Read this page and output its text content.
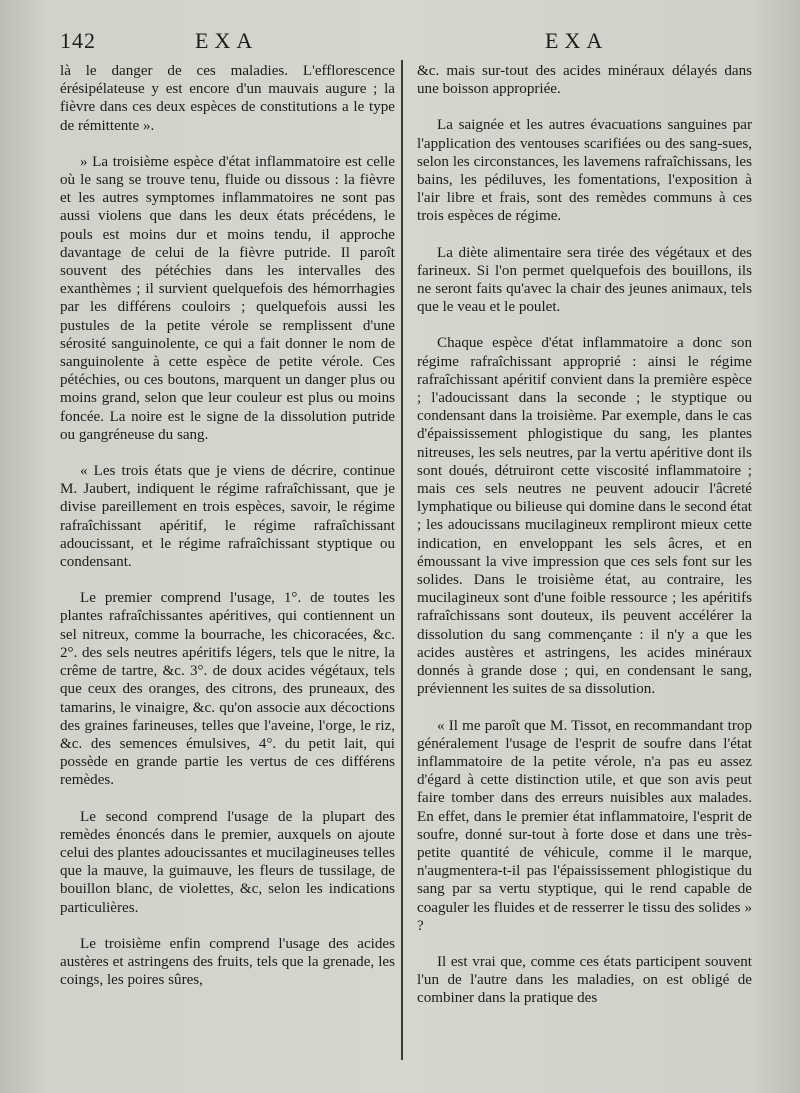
142	EXA	EXA

là le danger de ces maladies. L'efflorescence érésipélateuse y est encore d'un mauvais augure ; la fièvre dans ces deux espèces de constitutions a le type de rémittente ».

» La troisième espèce d'état inflammatoire est celle où le sang se trouve tenu, fluide ou dissous : la fièvre et les autres symptomes inflammatoires ne sont pas aussi violens que dans les deux états précédens, le pouls est moins dur et moins tendu, il approche davantage de celui de la fièvre putride. Il paroît souvent des pétéchies dans les intervalles des exanthèmes ; il survient quelquefois des hémorrhagies par les différens couloirs ; quelquefois aussi les pustules de la petite vérole se remplissent d'une sérosité sanguinolente, ce qui a fait donner le nom de sanguinolente à cette espèce de petite vérole. Ces pétéchies, ou ces boutons, marquent un danger plus ou moins grand, selon que leur couleur est plus ou moins foncée. La noire est le signe de la dissolution putride ou gangréneuse du sang.

« Les trois états que je viens de décrire, continue M. Jaubert, indiquent le régime rafraîchissant, que je divise pareillement en trois espèces, savoir, le régime rafraîchissant apéritif, le régime rafraîchissant adoucissant, et le régime rafraîchissant styptique ou condensant.

Le premier comprend l'usage, 1°. de toutes les plantes rafraîchissantes apéritives, qui contiennent un sel nitreux, comme la bourrache, les chicoracées, &c. 2°. des sels neutres apéritifs légers, tels que le nitre, la crême de tartre, &c. 3°. de doux acides végétaux, tels que ceux des oranges, des citrons, des pruneaux, des tamarins, le vinaigre, &c. qu'on associe aux décoctions des graines farineuses, telles que l'aveine, l'orge, le riz, &c. des semences émulsives, 4°. du petit lait, qui possède en grande partie les vertus de ces différens remèdes.

Le second comprend l'usage de la plupart des remèdes énoncés dans le premier, auxquels on ajoute celui des plantes adoucissantes et mucilagineuses telles que la mauve, la guimauve, les fleurs de tussilage, de bouillon blanc, de violettes, &c, selon les indications particulières.

Le troisième enfin comprend l'usage des acides austères et astringens des fruits, tels que la grenade, les coings, les poires sûres,

&c. mais sur-tout des acides minéraux délayés dans une boisson appropriée.

La saignée et les autres évacuations sanguines par l'application des ventouses scarifiées ou des sang-sues, selon les circonstances, les lavemens rafraîchissans, les bains, les pédiluves, les fomentations, l'exposition à l'air libre et frais, sont des remèdes communs à ces trois espèces de régime.

La diète alimentaire sera tirée des végétaux et des farineux. Si l'on permet quelquefois des bouillons, ils ne seront faits qu'avec la chair des jeunes animaux, tels que le veau et le poulet.

Chaque espèce d'état inflammatoire a donc son régime rafraîchissant approprié : ainsi le régime rafraîchissant apéritif convient dans la première espèce ; l'adoucissant dans la seconde ; le styptique ou condensant dans la troisième. Par exemple, dans le cas d'épaississement phlogistique du sang, les plantes nitreuses, les sels neutres, par la vertu apéritive dont ils sont doués, détruiront cette viscosité inflammatoire ; mais ces sels neutres ne peuvent adoucir l'âcreté lymphatique ou bilieuse qui domine dans le second état ; les adoucissans mucilagineux rempliront mieux cette indication, en enveloppant les sels âcres, et en émoussant la vive impression que ces sels font sur les solides. Dans le troisième état, au contraire, les mucilagineux sont d'une foible ressource ; les apéritifs rafraîchissans sont douteux, ils peuvent accélérer la dissolution du sang commençante : il n'y a que les acides austères et astringens, les acides minéraux donnés à grande dose ; qui, en condensant le sang, préviennent les suites de sa dissolution.

« Il me paroît que M. Tissot, en recommandant trop généralement l'usage de l'esprit de soufre dans l'état inflammatoire de la petite vérole, n'a pas eu assez d'égard à cette distinction utile, et que son avis peut faire tomber dans des erreurs nuisibles aux malades. En effet, dans le premier état inflammatoire, l'esprit de soufre, donné sur-tout à forte dose et dans une très-petite quantité de véhicule, comme il le marque, n'augmentera-t-il pas l'épaississement phlogistique du sang par sa vertu styptique, qui le rend capable de coaguler les fluides et de resserrer le tissu des solides » ?

Il est vrai que, comme ces états participent souvent l'un de l'autre dans les maladies, on est obligé de combiner dans la pratique des
